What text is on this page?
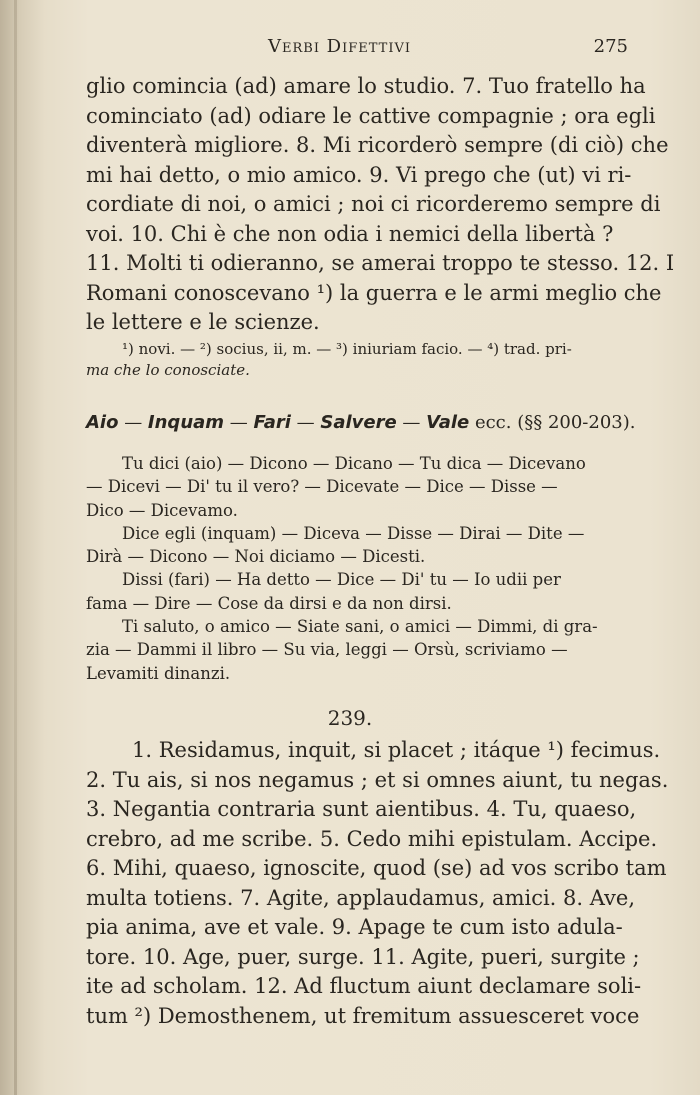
Verbi Difettivi	275
glio comincia (ad) amare lo studio. 7. Tuo fratello ha
cominciato (ad) odiare le cattive compagnie ; ora egli
diventerà migliore. 8. Mi ricorderò sempre (di ciò) che
mi hai detto, o mio amico. 9. Vi prego che (ut) vi ri-
cordiate di noi, o amici ; noi ci ricorderemo sempre di
voi. 10. Chi è che non odia i nemici della libertà ?
11. Molti ti odieranno, se amerai troppo te stesso. 12. I
Romani conoscevano ¹) la guerra e le armi meglio che
le lettere e le scienze.
¹) novi. — ²) socius, ii, m. — ³) iniuriam facio. — ⁴) trad. pri-
ma che lo conosciate.
Aio — Inquam — Fari — Salvere — Vale ecc. (§§ 200-203).
Tu dici (aio) — Dicono — Dicano — Tu dica — Dicevano
— Dicevi — Di' tu il vero? — Dicevate — Dice — Disse —
Dico — Dicevamo.
Dice egli (inquam) — Diceva — Disse — Dirai — Dite —
Dirà — Dicono — Noi diciamo — Dicesti.
Dissi (fari) — Ha detto — Dice — Di' tu — Io udii per
fama — Dire — Cose da dirsi e da non dirsi.
Ti saluto, o amico — Siate sani, o amici — Dimmi, di gra-
zia — Dammi il libro — Su via, leggi — Orsù, scriviamo —
Levamiti dinanzi.
239.
1. Residamus, inquit, si placet ; itáque ¹) fecimus.
2. Tu ais, si nos negamus ; et si omnes aiunt, tu negas.
3. Negantia contraria sunt aientibus. 4. Tu, quaeso,
crebro, ad me scribe. 5. Cedo mihi epistulam. Accipe.
6. Mihi, quaeso, ignoscite, quod (se) ad vos scribo tam
multa totiens. 7. Agite, applaudamus, amici. 8. Ave,
pia anima, ave et vale. 9. Apage te cum isto adula-
tore. 10. Age, puer, surge. 11. Agite, pueri, surgite ;
ite ad scholam. 12. Ad fluctum aiunt declamare soli-
tum ²) Demosthenem, ut fremitum assuesceret voce
